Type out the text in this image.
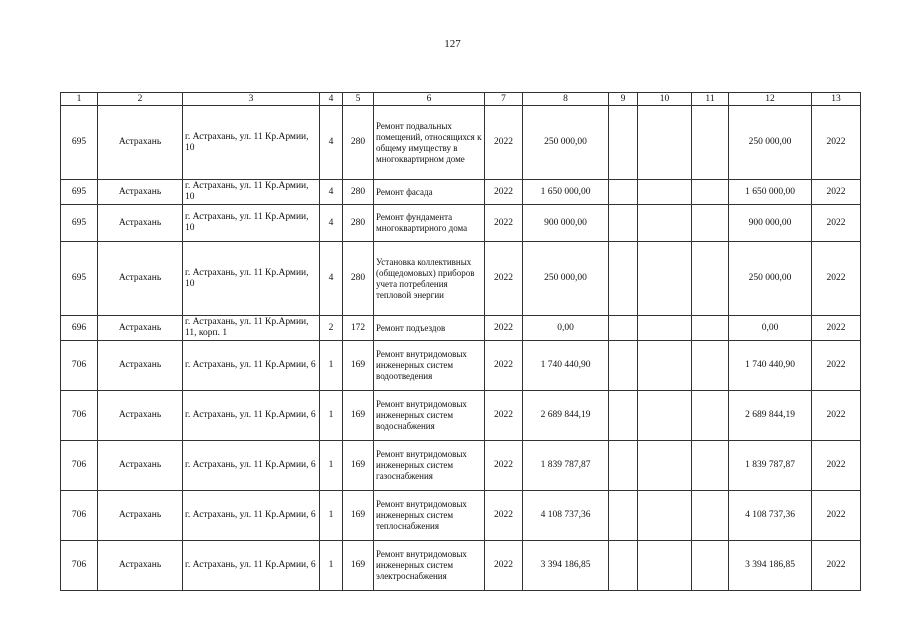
127
1	2	3	4	5	6	7	8	9	10	11	12	13
695	Астрахань	г. Астрахань, ул. 11 Кр.Армии, 10	4	280	Ремонт подвальных помещений, относящихся к общему имуществу в многоквартирном доме	2022	250 000,00				250 000,00	2022
695	Астрахань	г. Астрахань, ул. 11 Кр.Армии, 10	4	280	Ремонт фасада	2022	1 650 000,00				1 650 000,00	2022
695	Астрахань	г. Астрахань, ул. 11 Кр.Армии, 10	4	280	Ремонт фундамента многоквартирного дома	2022	900 000,00				900 000,00	2022
695	Астрахань	г. Астрахань, ул. 11 Кр.Армии, 10	4	280	Установка коллективных (общедомовых) приборов учета потребления тепловой энергии	2022	250 000,00				250 000,00	2022
696	Астрахань	г. Астрахань, ул. 11 Кр.Армии, 11, корп. 1	2	172	Ремонт подъездов	2022	0,00				0,00	2022
706	Астрахань	г. Астрахань, ул. 11 Кр.Армии, 6	1	169	Ремонт внутридомовых инженерных систем водоотведения	2022	1 740 440,90				1 740 440,90	2022
706	Астрахань	г. Астрахань, ул. 11 Кр.Армии, 6	1	169	Ремонт внутридомовых инженерных систем водоснабжения	2022	2 689 844,19				2 689 844,19	2022
706	Астрахань	г. Астрахань, ул. 11 Кр.Армии, 6	1	169	Ремонт внутридомовых инженерных систем газоснабжения	2022	1 839 787,87				1 839 787,87	2022
706	Астрахань	г. Астрахань, ул. 11 Кр.Армии, 6	1	169	Ремонт внутридомовых инженерных систем теплоснабжения	2022	4 108 737,36				4 108 737,36	2022
706	Астрахань	г. Астрахань, ул. 11 Кр.Армии, 6	1	169	Ремонт внутридомовых инженерных систем электроснабжения	2022	3 394 186,85				3 394 186,85	2022
